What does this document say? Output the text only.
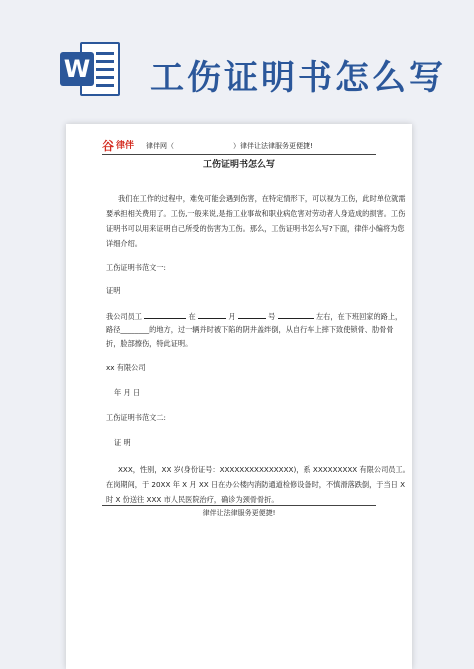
W 工伤证明书怎么写
⾕ 律伴 律伴网（	） 律伴让法律服务更便捷!
工伤证明书怎么写
我们在工作的过程中，难免可能会遇到伤害，在特定情形下，可以视为工伤，此时单位就需
要承担相关费用了。工伤,一般来说,是指工业事故和职业病危害对劳动者人身造成的损害。工伤
证明书可以用来证明自己所受的伤害为工伤。那么，工伤证明书怎么写?下面，律伴小编将为您
详细介绍。
工伤证明书范文一:
证明
我公司员工	在	月	号	左右，在下班回家的路上，
路径________的地方，过一辆并时被下陷的阴井盖绊倒，从自行车上摔下致使锁骨、肋骨骨
折，脸部擦伤，特此证明。
xx 有限公司
年 月 日
工伤证明书范文二:
证 明
XXX，性别，XX 岁(身份证号：XXXXXXXXXXXXXXX)，系 XXXXXXXXX 有限公司员工。
在岗期间，于 20XX 年 X 月 XX 日在办公楼内消防通道检修设备时，不慎滑落跌倒，于当日 X
时 X 份送往 XXX 市人民医院治疗，确诊为颈骨骨折。
律伴让法律服务更便捷!
